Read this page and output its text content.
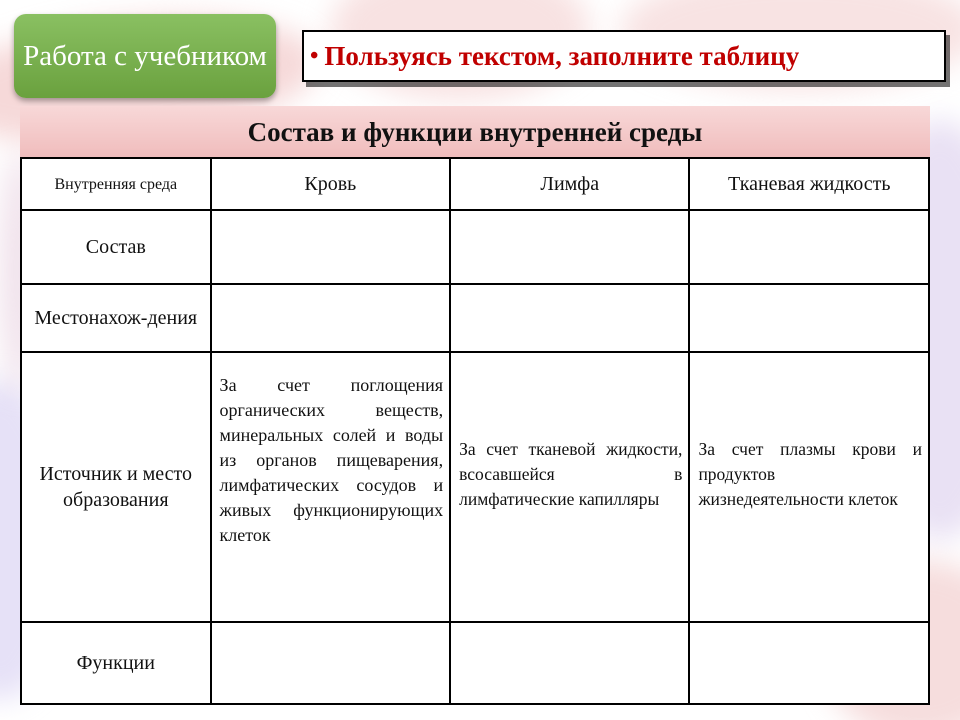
Работа с учебником • Пользуясь текстом, заполните таблицу
Состав и функции внутренней среды
Внутренняя среда	Кровь	Лимфа	Тканевая жидкость
Состав			
Местонахож-дения			
Источник и место образования	За счет поглощения органических веществ, минеральных солей и воды из органов пищеварения, лимфатических сосудов и живых функционирующих клеток	За счет тканевой жидкости, всосавшейся в лимфатические капилляры	За счет плазмы крови и продуктов жизнедеятельности клеток
Функции			
